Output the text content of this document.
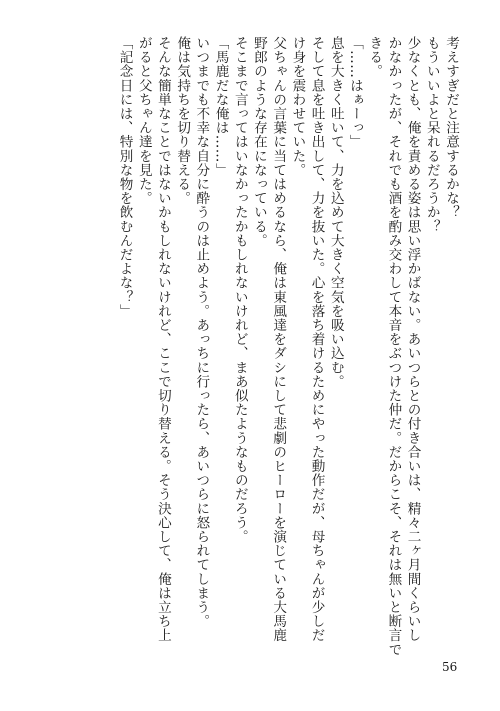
考えすぎだと注意するかな？
もういいよと呆れるだろうか？
少なくとも、俺を責める姿は思い浮かばない。あいつらとの付き合いは、精々二ヶ月間くらいし
かなかったが、それでも酒を酌み交わして本音をぶつけた仲だ。だからこそ、それは無いと断言で
きる。
「……はぁーっ」
息を大きく吐いて、力を込めて大きく空気を吸い込む。
そして息を吐き出して、力を抜いた。心を落ち着けるためにやった動作だが、母ちゃんが少しだ
け身を震わせていた。
父ちゃんの言葉に当てはめるなら、俺は東風達をダシにして悲劇のヒーローを演じている大馬鹿
野郎のような存在になっている。
そこまで言ってはいなかったかもしれないけれど、まあ似たようなものだろう。
「馬鹿だな俺は……」
いつまでも不幸な自分に酔うのは止めよう。あっちに行ったら、あいつらに怒られてしまう。
俺は気持ちを切り替える。
そんな簡単なことではないかもしれないけれど、ここで切り替える。そう決心して、俺は立ち上
がると父ちゃん達を見た。
「記念日には、特別な物を飲むんだよな？」
56
